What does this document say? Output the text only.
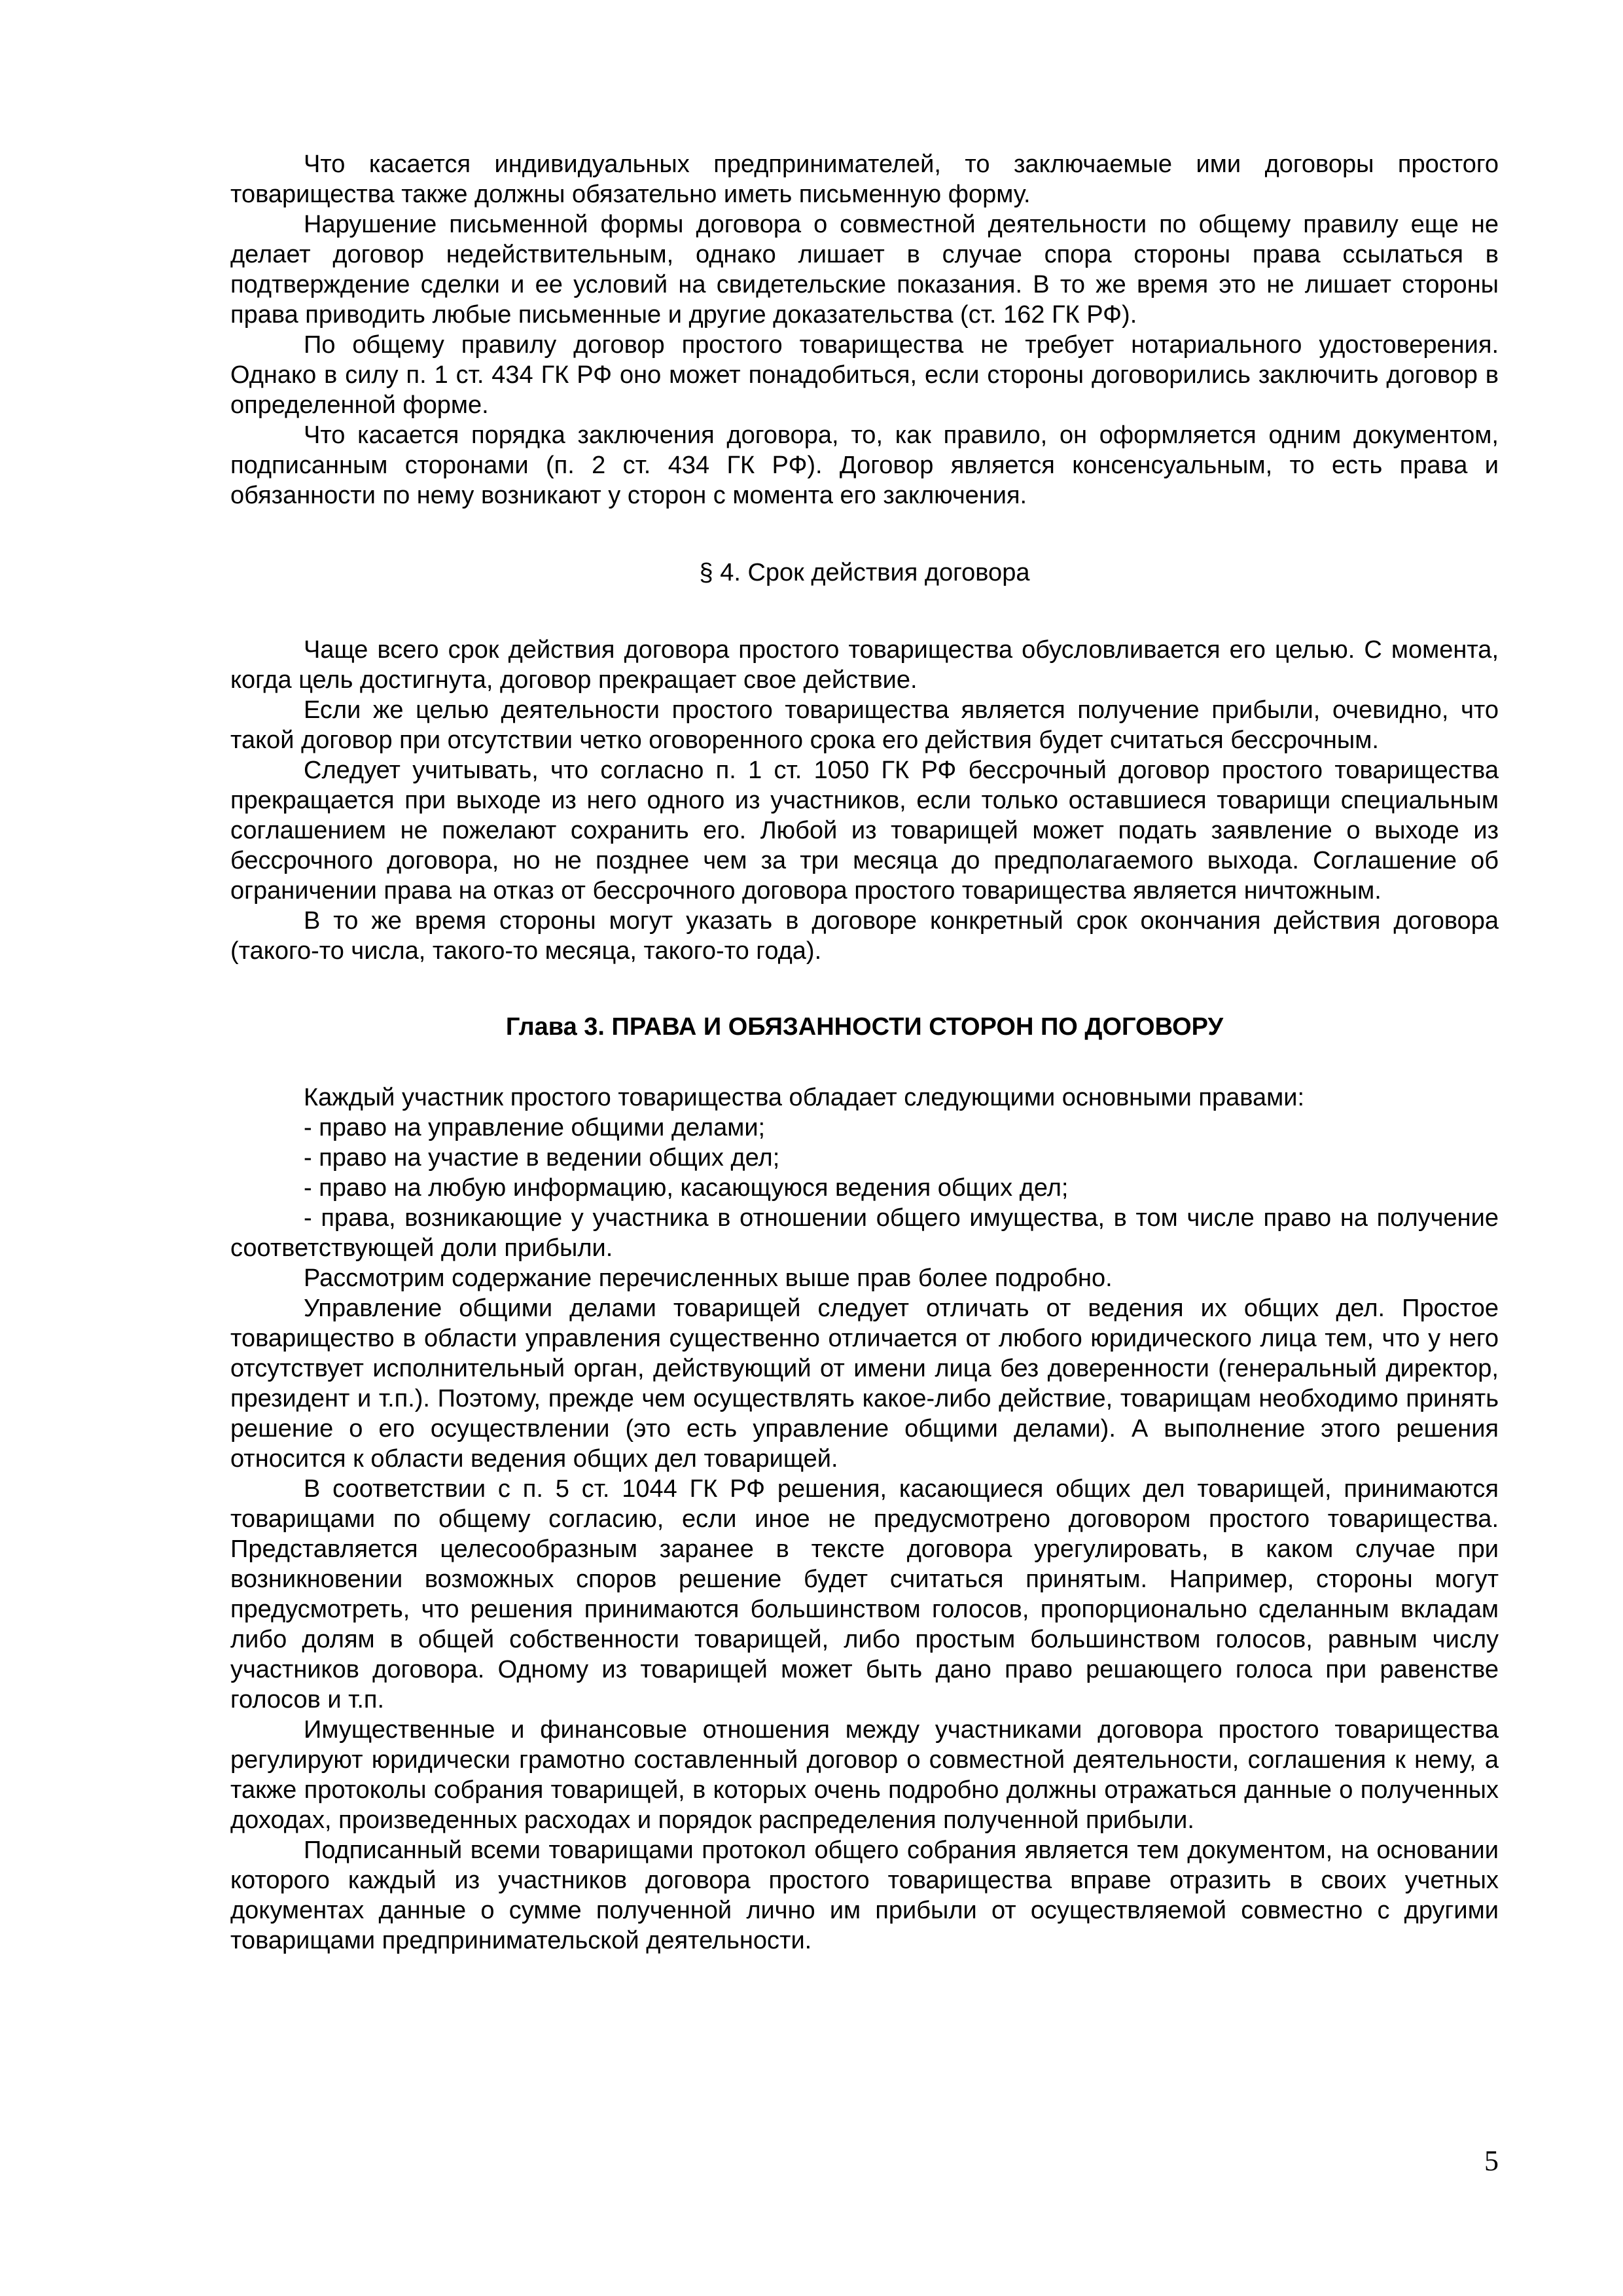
Что касается индивидуальных предпринимателей, то заключаемые ими договоры простого товарищества также должны обязательно иметь письменную форму.

Нарушение письменной формы договора о совместной деятельности по общему правилу еще не делает договор недействительным, однако лишает в случае спора стороны права ссылаться в подтверждение сделки и ее условий на свидетельские показания. В то же время это не лишает стороны права приводить любые письменные и другие доказательства (ст. 162 ГК РФ).

По общему правилу договор простого товарищества не требует нотариального удостоверения. Однако в силу п. 1 ст. 434 ГК РФ оно может понадобиться, если стороны договорились заключить договор в определенной форме.

Что касается порядка заключения договора, то, как правило, он оформляется одним документом, подписанным сторонами (п. 2 ст. 434 ГК РФ). Договор является консенсуальным, то есть права и обязанности по нему возникают у сторон с момента его заключения.

§ 4. Срок действия договора

Чаще всего срок действия договора простого товарищества обусловливается его целью. С момента, когда цель достигнута, договор прекращает свое действие.

Если же целью деятельности простого товарищества является получение прибыли, очевидно, что такой договор при отсутствии четко оговоренного срока его действия будет считаться бессрочным.

Следует учитывать, что согласно п. 1 ст. 1050 ГК РФ бессрочный договор простого товарищества прекращается при выходе из него одного из участников, если только оставшиеся товарищи специальным соглашением не пожелают сохранить его. Любой из товарищей может подать заявление о выходе из бессрочного договора, но не позднее чем за три месяца до предполагаемого выхода. Соглашение об ограничении права на отказ от бессрочного договора простого товарищества является ничтожным.

В то же время стороны могут указать в договоре конкретный срок окончания действия договора (такого-то числа, такого-то месяца, такого-то года).

Глава 3. ПРАВА И ОБЯЗАННОСТИ СТОРОН ПО ДОГОВОРУ

Каждый участник простого товарищества обладает следующими основными правами:

- право на управление общими делами;

- право на участие в ведении общих дел;

- право на любую информацию, касающуюся ведения общих дел;

- права, возникающие у участника в отношении общего имущества, в том числе право на получение соответствующей доли прибыли.

Рассмотрим содержание перечисленных выше прав более подробно.

Управление общими делами товарищей следует отличать от ведения их общих дел. Простое товарищество в области управления существенно отличается от любого юридического лица тем, что у него отсутствует исполнительный орган, действующий от имени лица без доверенности (генеральный директор, президент и т.п.). Поэтому, прежде чем осуществлять какое-либо действие, товарищам необходимо принять решение о его осуществлении (это есть управление общими делами). А выполнение этого решения относится к области ведения общих дел товарищей.

В соответствии с п. 5 ст. 1044 ГК РФ решения, касающиеся общих дел товарищей, принимаются товарищами по общему согласию, если иное не предусмотрено договором простого товарищества. Представляется целесообразным заранее в тексте договора урегулировать, в каком случае при возникновении возможных споров решение будет считаться принятым. Например, стороны могут предусмотреть, что решения принимаются большинством голосов, пропорционально сделанным вкладам либо долям в общей собственности товарищей, либо простым большинством голосов, равным числу участников договора. Одному из товарищей может быть дано право решающего голоса при равенстве голосов и т.п.

Имущественные и финансовые отношения между участниками договора простого товарищества регулируют юридически грамотно составленный договор о совместной деятельности, соглашения к нему, а также протоколы собрания товарищей, в которых очень подробно должны отражаться данные о полученных доходах, произведенных расходах и порядок распределения полученной прибыли.

Подписанный всеми товарищами протокол общего собрания является тем документом, на основании которого каждый из участников договора простого товарищества вправе отразить в своих учетных документах данные о сумме полученной лично им прибыли от осуществляемой совместно с другими товарищами предпринимательской деятельности.

5
